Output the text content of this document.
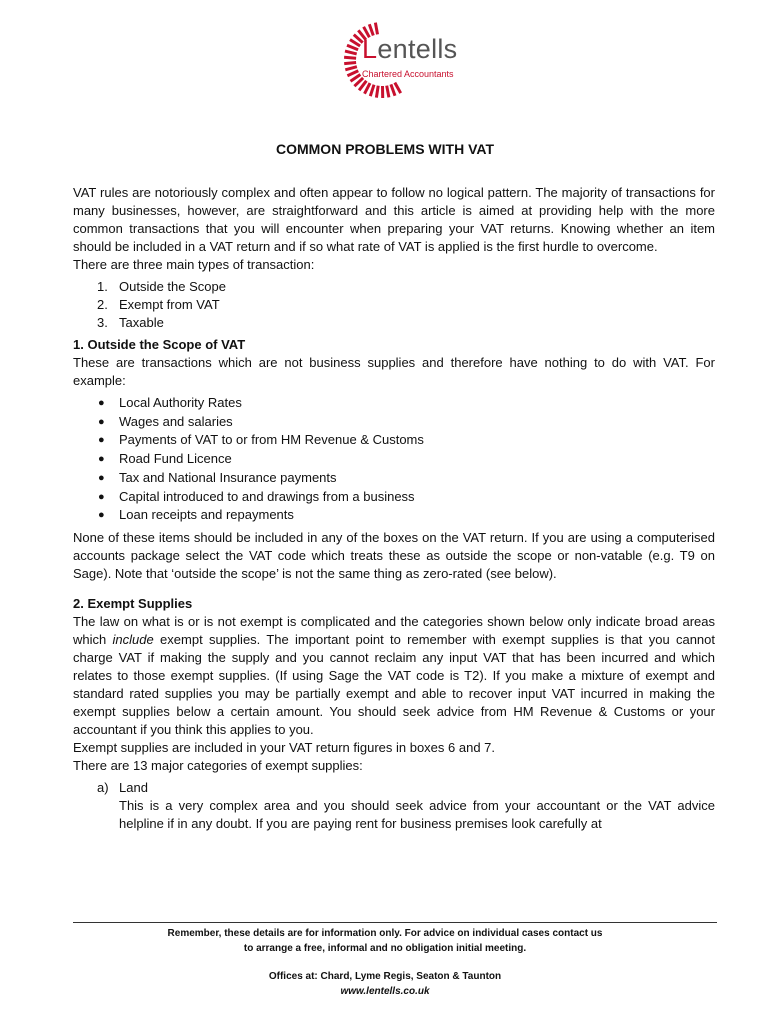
Lentells
Chartered Accountants
COMMON PROBLEMS WITH VAT

VAT rules are notoriously complex and often appear to follow no logical pattern. The majority of transactions for many businesses, however, are straightforward and this article is aimed at providing help with the more common transactions that you will encounter when preparing your VAT returns. Knowing whether an item should be included in a VAT return and if so what rate of VAT is applied is the first hurdle to overcome.

There are three main types of transaction:

1. Outside the Scope
2. Exempt from VAT
3. Taxable

1. Outside the Scope of VAT

These are transactions which are not business supplies and therefore have nothing to do with VAT. For example:

● Local Authority Rates
● Wages and salaries
● Payments of VAT to or from HM Revenue & Customs
● Road Fund Licence
● Tax and National Insurance payments
● Capital introduced to and drawings from a business
● Loan receipts and repayments

None of these items should be included in any of the boxes on the VAT return. If you are using a computerised accounts package select the VAT code which treats these as outside the scope or non-vatable (e.g. T9 on Sage). Note that ‘outside the scope’ is not the same thing as zero-rated (see below).

2. Exempt Supplies

The law on what is or is not exempt is complicated and the categories shown below only indicate broad areas which include exempt supplies. The important point to remember with exempt supplies is that you cannot charge VAT if making the supply and you cannot reclaim any input VAT that has been incurred and which relates to those exempt supplies. (If using Sage the VAT code is T2). If you make a mixture of exempt and standard rated supplies you may be partially exempt and able to recover input VAT incurred in making the exempt supplies below a certain amount. You should seek advice from HM Revenue & Customs or your accountant if you think this applies to you.

Exempt supplies are included in your VAT return figures in boxes 6 and 7.

There are 13 major categories of exempt supplies:

a) Land
This is a very complex area and you should seek advice from your accountant or the VAT advice helpline if in any doubt. If you are paying rent for business premises look carefully at
Remember, these details are for information only. For advice on individual cases contact us
to arrange a free, informal and no obligation initial meeting.
Offices at: Chard, Lyme Regis, Seaton & Taunton
www.lentells.co.uk
